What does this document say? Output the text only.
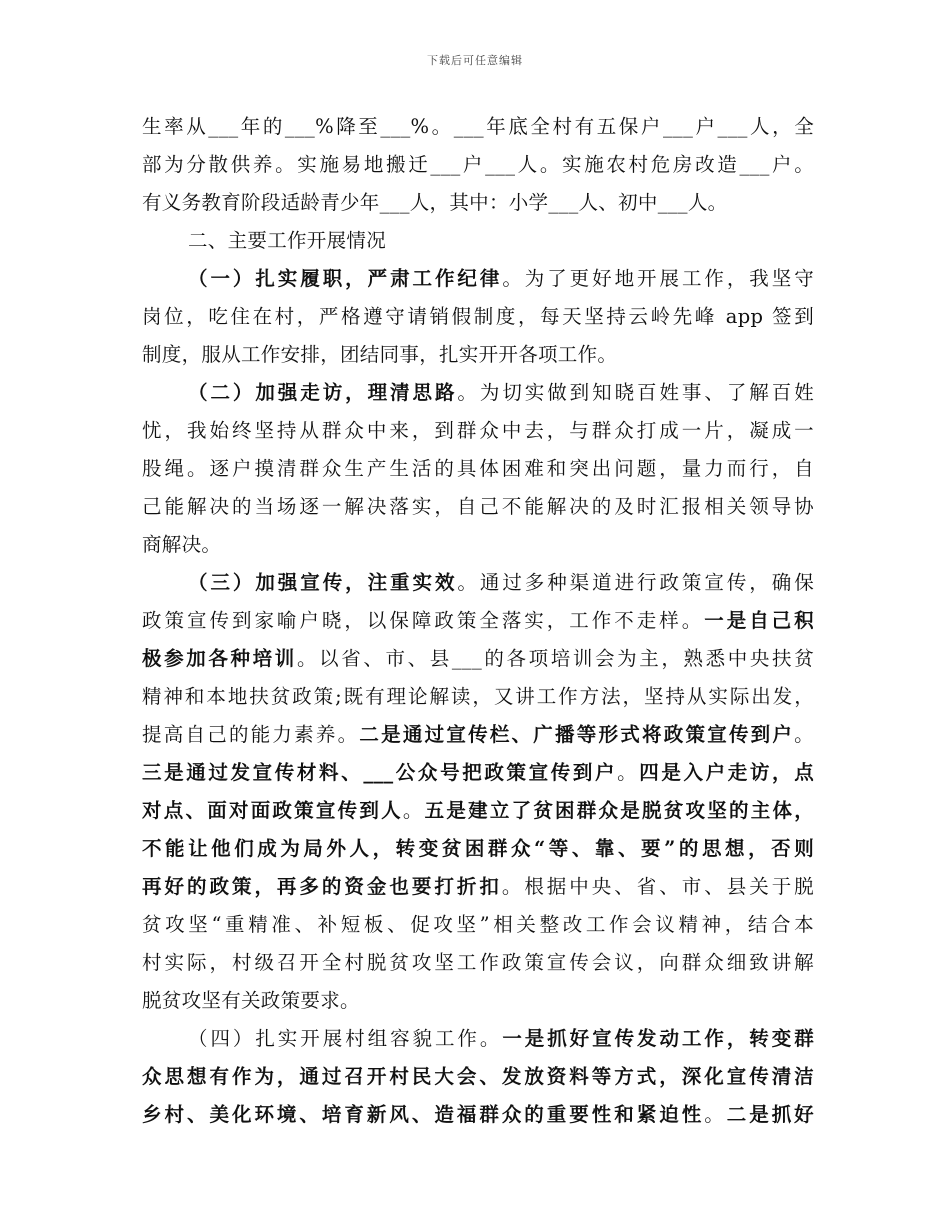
下载后可任意编辑
生率从___年的___%降至___%。___年底全村有五保户___户___人，全
部为分散供养。实施易地搬迁___户___人。实施农村危房改造___户。
有义务教育阶段适龄青少年___人，其中：小学___人、初中___人。
二、主要工作开展情况
（一）扎实履职，严肃工作纪律。为了更好地开展工作，我坚守
岗位，吃住在村，严格遵守请销假制度，每天坚持云岭先峰 app 签到
制度，服从工作安排，团结同事，扎实开开各项工作。
（二）加强走访，理清思路。为切实做到知晓百姓事、了解百姓
忧，我始终坚持从群众中来，到群众中去，与群众打成一片，凝成一
股绳。逐户摸清群众生产生活的具体困难和突出问题，量力而行，自
己能解决的当场逐一解决落实，自己不能解决的及时汇报相关领导协
商解决。
（三）加强宣传，注重实效。通过多种渠道进行政策宣传，确保
政策宣传到家喻户晓，以保障政策全落实，工作不走样。一是自己积
极参加各种培训。以省、市、县___的各项培训会为主，熟悉中央扶贫
精神和本地扶贫政策;既有理论解读，又讲工作方法，坚持从实际出发，
提高自己的能力素养。二是通过宣传栏、广播等形式将政策宣传到户。
三是通过发宣传材料、___公众号把政策宣传到户。四是入户走访，点
对点、面对面政策宣传到人。五是建立了贫困群众是脱贫攻坚的主体，
不能让他们成为局外人，转变贫困群众“等、靠、要”的思想，否则
再好的政策，再多的资金也要打折扣。根据中央、省、市、县关于脱
贫攻坚“重精准、补短板、促攻坚”相关整改工作会议精神，结合本
村实际，村级召开全村脱贫攻坚工作政策宣传会议，向群众细致讲解
脱贫攻坚有关政策要求。
（四）扎实开展村组容貌工作。一是抓好宣传发动工作，转变群
众思想有作为，通过召开村民大会、发放资料等方式，深化宣传清洁
乡村、美化环境、培育新风、造福群众的重要性和紧迫性。二是抓好
